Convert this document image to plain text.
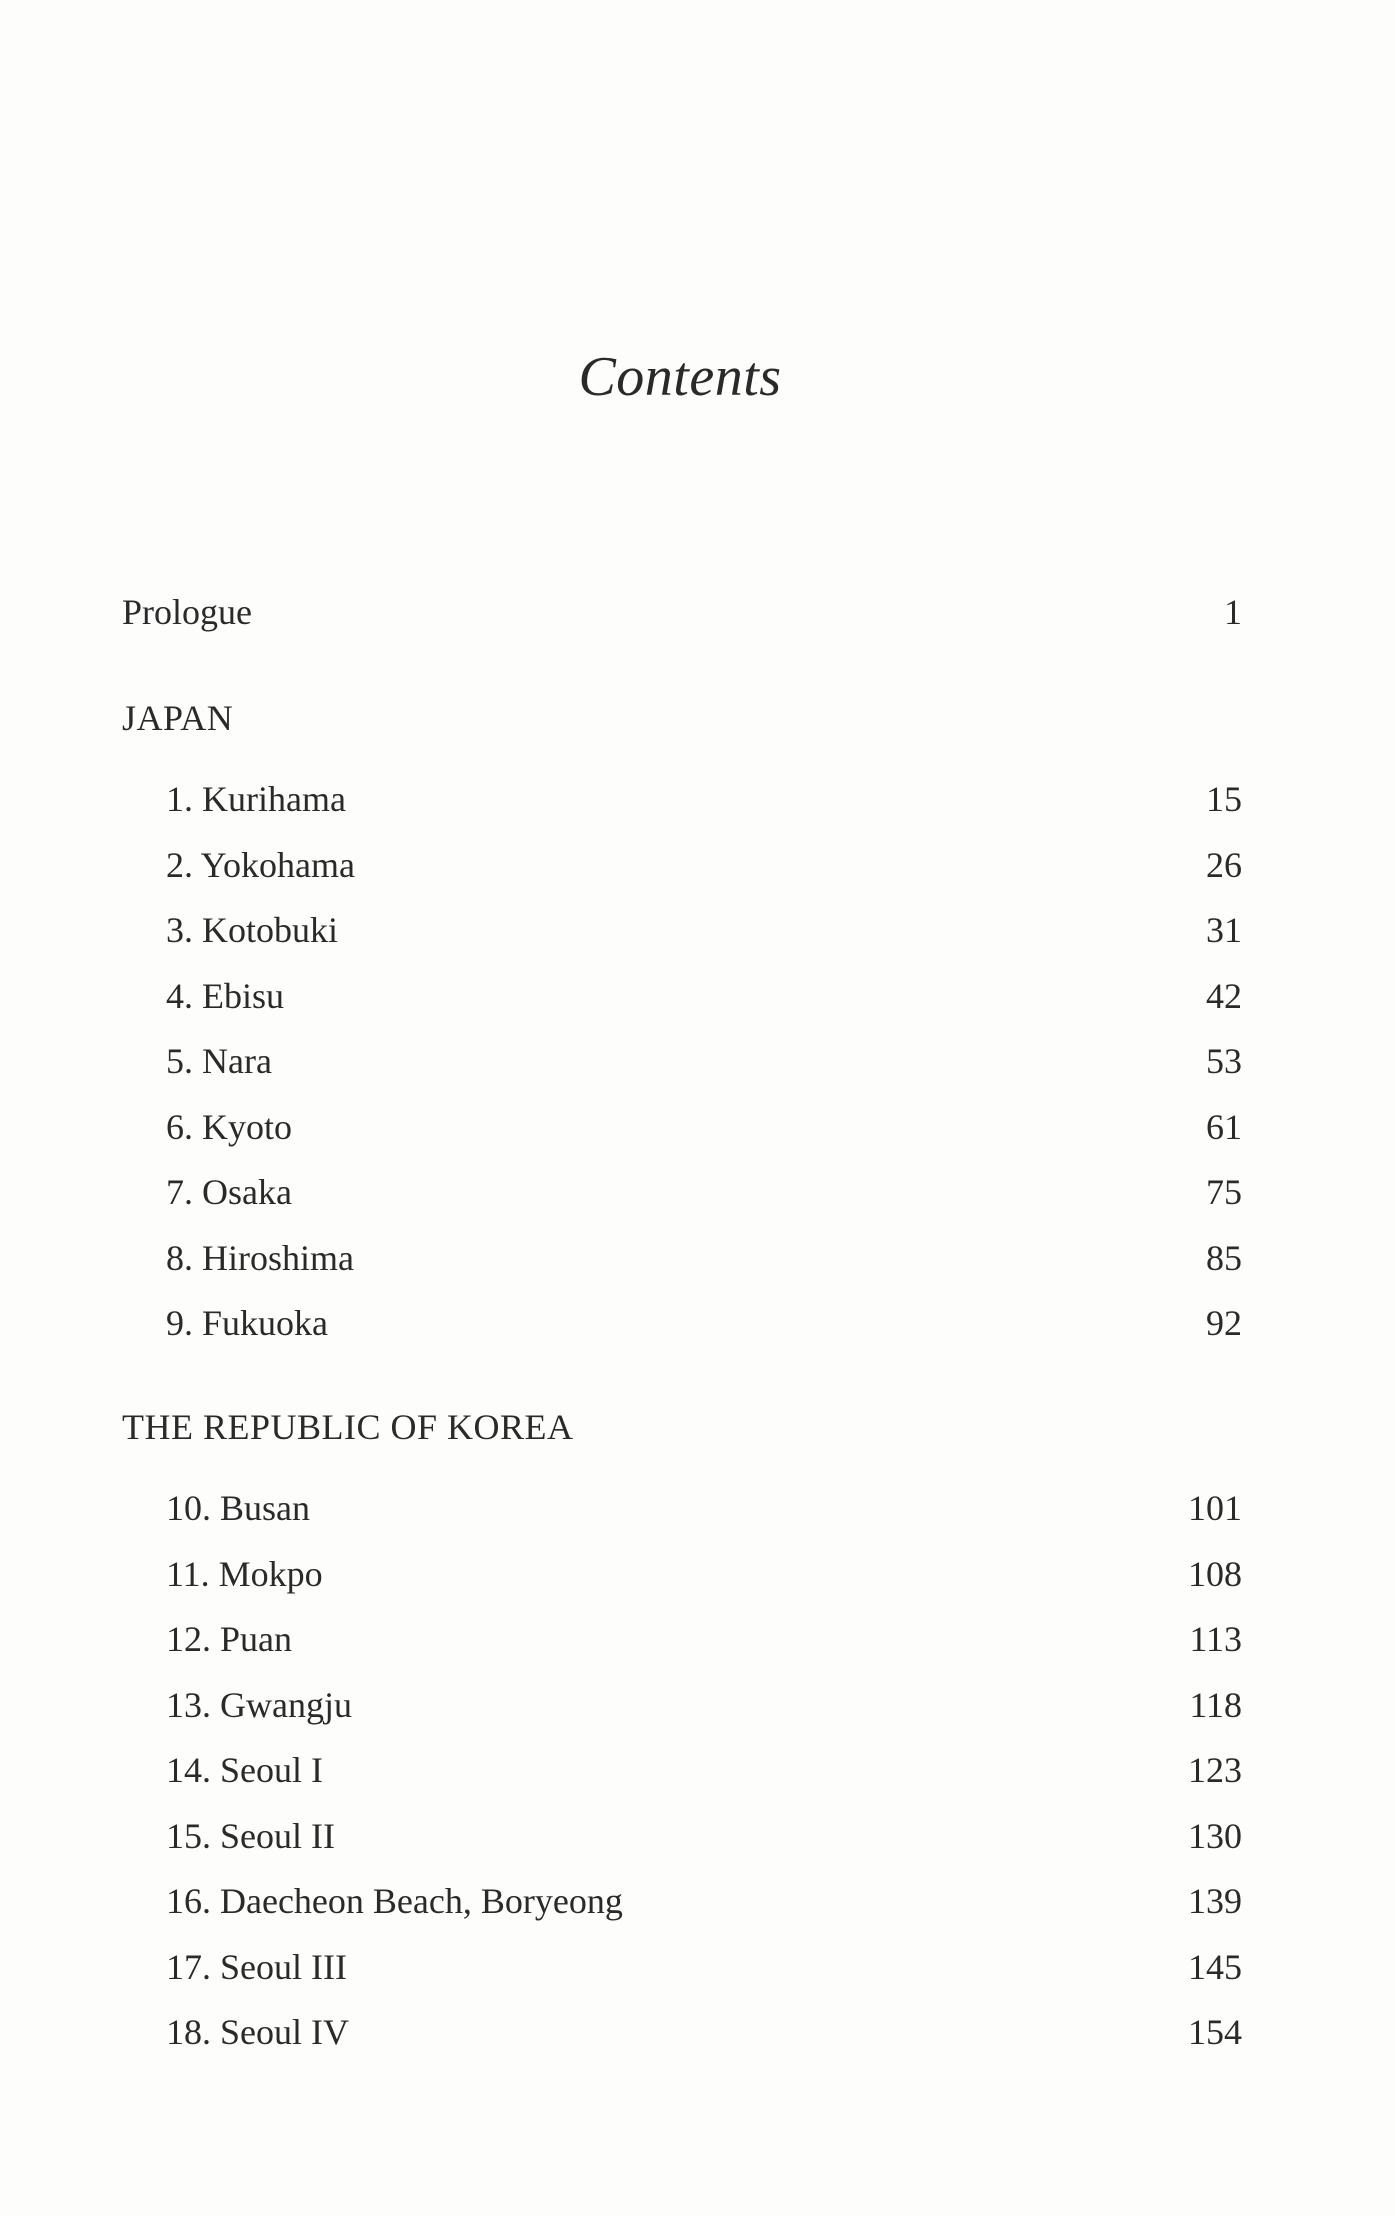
Contents
Prologue	1
JAPAN
1. Kurihama	15
2. Yokohama	26
3. Kotobuki	31
4. Ebisu	42
5. Nara	53
6. Kyoto	61
7. Osaka	75
8. Hiroshima	85
9. Fukuoka	92
THE REPUBLIC OF KOREA
10. Busan	101
11. Mokpo	108
12. Puan	113
13. Gwangju	118
14. Seoul I	123
15. Seoul II	130
16. Daecheon Beach, Boryeong	139
17. Seoul III	145
18. Seoul IV	154
